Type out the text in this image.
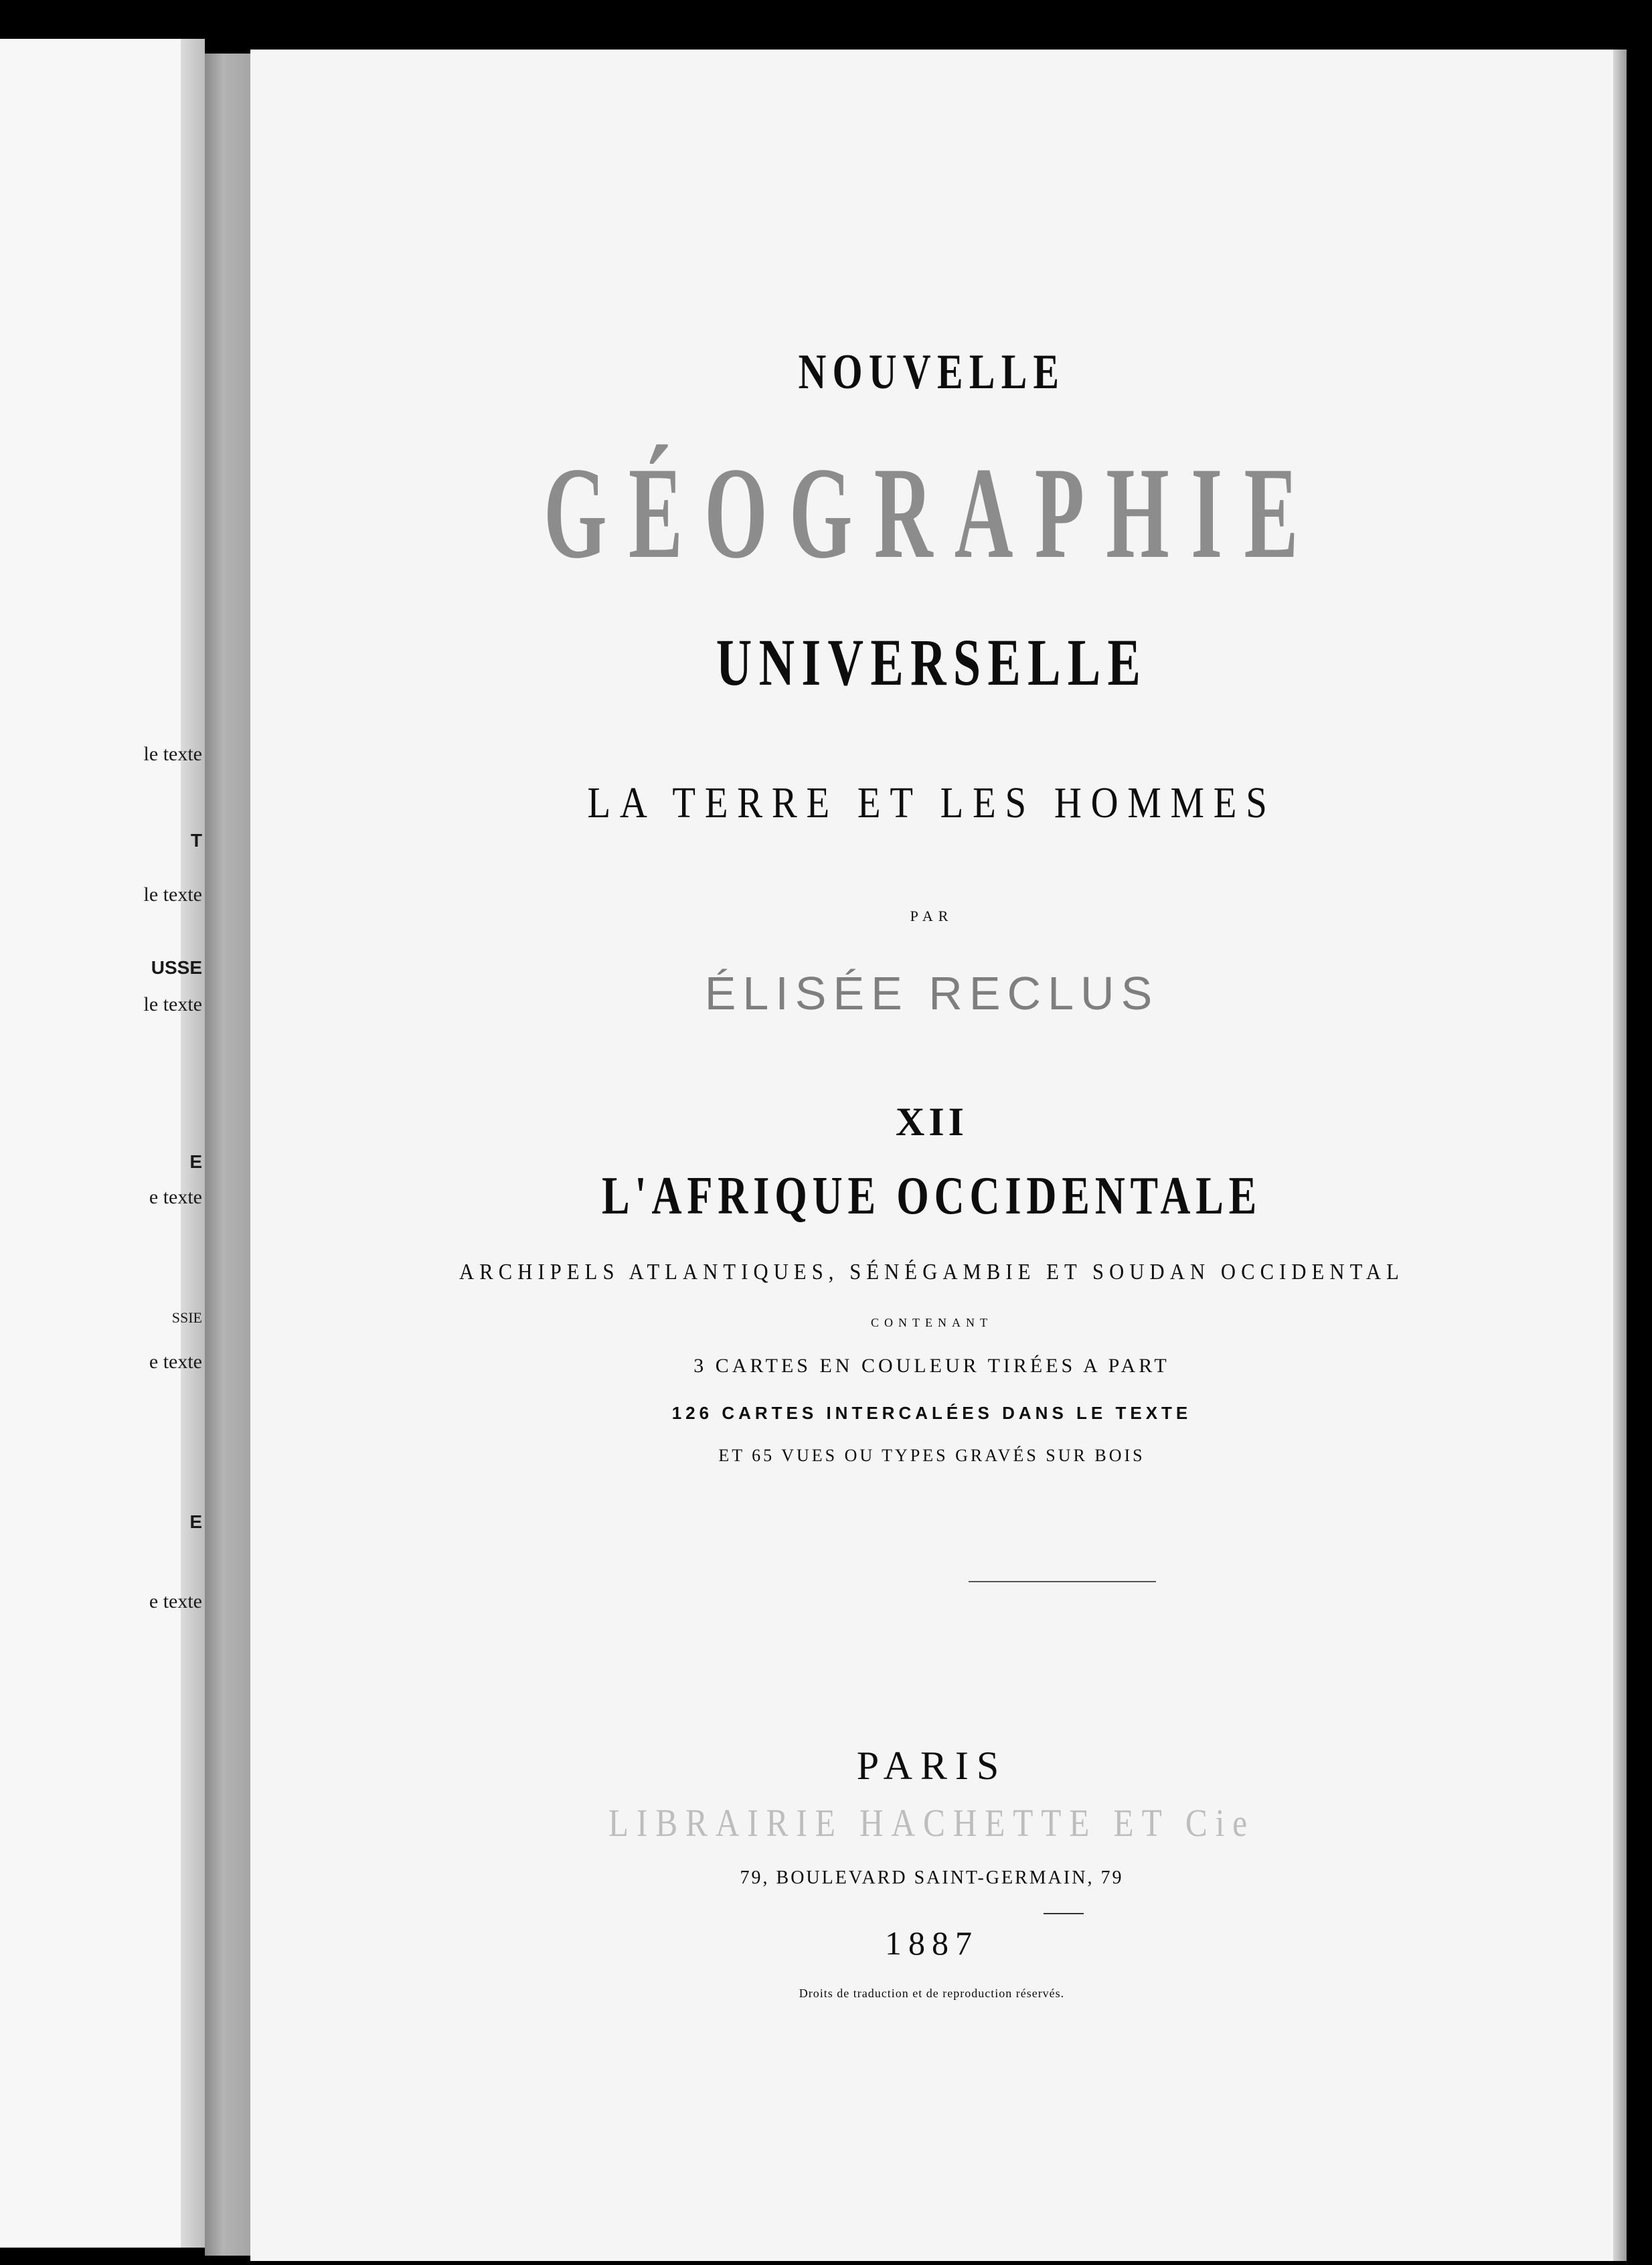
le texte
T
le texte
USSE
le texte
E
e texte
SSIE
e texte
E
e texte

NOUVELLE

GÉOGRAPHIE

UNIVERSELLE

LA TERRE ET LES HOMMES

PAR

ÉLISÉE RECLUS

XII

L'AFRIQUE OCCIDENTALE

ARCHIPELS ATLANTIQUES, SÉNÉGAMBIE ET SOUDAN OCCIDENTAL

CONTENANT

3 CARTES EN COULEUR TIRÉES A PART

126 CARTES INTERCALÉES DANS LE TEXTE

ET 65 VUES OU TYPES GRAVÉS SUR BOIS

PARIS

LIBRAIRIE HACHETTE ET Cie

79, BOULEVARD SAINT-GERMAIN, 79

1887

Droits de traduction et de reproduction réservés.
